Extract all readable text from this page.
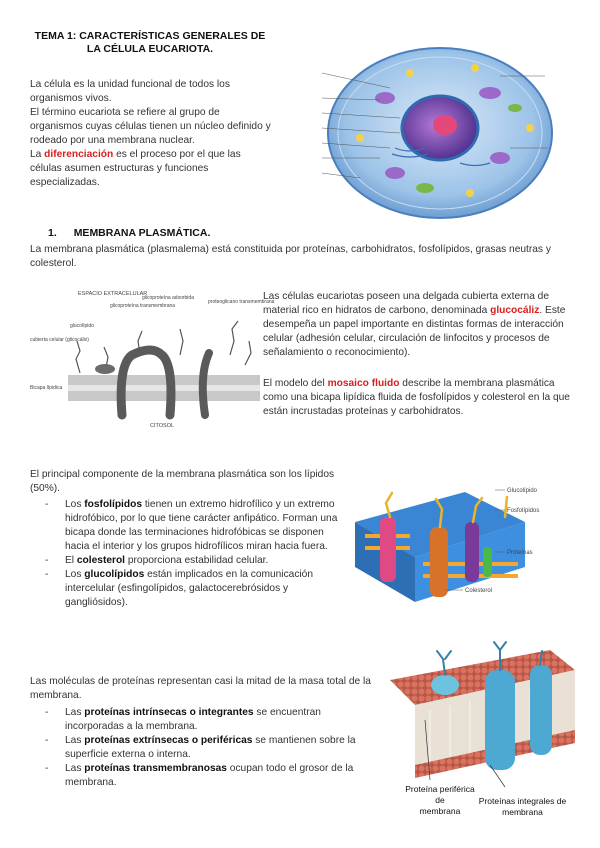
TEMA 1: CARACTERÍSTICAS GENERALES DE
LA CÉLULA EUCARIOTA.
La célula es la unidad funcional de todos los organismos vivos.
El término eucariota se refiere al grupo de organismos cuyas células tienen un núcleo definido y rodeado por una membrana nuclear.
La diferenciación es el proceso por el que las células asumen estructuras y funciones especializadas.
1. MEMBRANA PLASMÁTICA.
La membrana plasmática (plasmalema) está constituida por proteínas, carbohidratos, fosfolípidos, grasas neutras y colesterol.
ESPACIO EXTRACELULAR
cubierta celular (glicocálix)
Bicapa lípidica
glucolípido
glicoproteína transmembrana
glicoproteína adsorbida
proteoglicano transmembrana
CITOSOL
Las células eucariotas poseen una delgada cubierta externa de material rico en hidratos de carbono, denominada glucocáliz. Este desempeña un papel importante en distintas formas de interacción celular (adhesión celular, circulación de linfocitos y procesos de señalamiento o reconocimiento).
El modelo del mosaico fluido describe la membrana plasmática como una bicapa lipídica fluida de fosfolípidos y colesterol en la que están incrustadas proteínas y carbohidratos.
El principal componente de la membrana plasmática son los lípidos (50%).
- Los fosfolípidos tienen un extremo hidrofílico y un extremo hidrofóbico, por lo que tiene carácter anfipático. Forman una bicapa donde las terminaciones hidrofóbicas se disponen hacia el interior y los grupos hidrofílicos miran hacia fuera.
- El colesterol proporciona estabilidad celular.
- Los glucolípidos están implicados en la comunicación intercelular (esfingolípidos, galactocerebrósidos y gangliósidos).
Glucolípido
Fosfolípidos
Proteínas
Colesterol
Las moléculas de proteínas representan casi la mitad de la masa total de la membrana.
- Las proteínas intrínsecas o integrantes se encuentran incorporadas a la membrana.
- Las proteínas extrínsecas o periféricas se mantienen sobre la superficie externa o interna.
- Las proteínas transmembranosas ocupan todo el grosor de la membrana.
Proteína periférica de
membrana
Proteínas integrales de
membrana
